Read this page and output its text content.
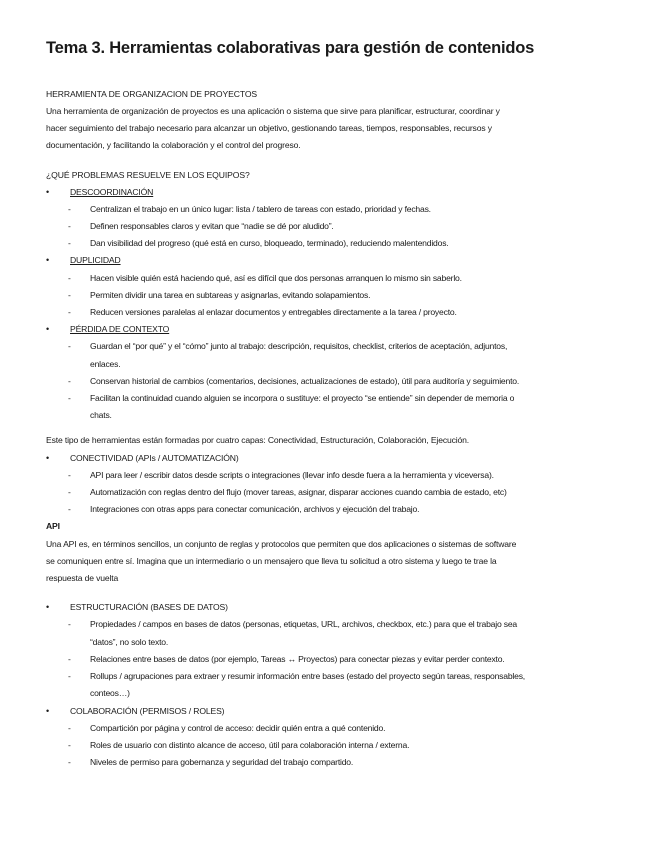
Tema 3. Herramientas colaborativas para gestión de contenidos
HERRAMIENTA DE ORGANIZACION DE PROYECTOS

Una herramienta de organización de proyectos es una aplicación o sistema que sirve para planificar, estructurar, coordinar y

hacer seguimiento del trabajo necesario para alcanzar un objetivo, gestionando tareas, tiempos, responsables, recursos y

documentación, y facilitando la colaboración y el control del progreso.

¿QUÉ PROBLEMAS RESUELVE EN LOS EQUIPOS?
• DESCOORDINACIÓN
- Centralizan el trabajo en un único lugar: lista / tablero de tareas con estado, prioridad y fechas.
- Definen responsables claros y evitan que “nadie se dé por aludido”.
- Dan visibilidad del progreso (qué está en curso, bloqueado, terminado), reduciendo malentendidos.
• DUPLICIDAD
- Hacen visible quién está haciendo qué, así es difícil que dos personas arranquen lo mismo sin saberlo.
- Permiten dividir una tarea en subtareas y asignarlas, evitando solapamientos.
- Reducen versiones paralelas al enlazar documentos y entregables directamente a la tarea / proyecto.
• PÉRDIDA DE CONTEXTO
- Guardan el “por qué” y el “cómo” junto al trabajo: descripción, requisitos, checklist, criterios de aceptación, adjuntos,
enlaces.
- Conservan historial de cambios (comentarios, decisiones, actualizaciones de estado), útil para auditoría y seguimiento.
- Facilitan la continuidad cuando alguien se incorpora o sustituye: el proyecto “se entiende” sin depender de memoria o
chats.

Este tipo de herramientas están formadas por cuatro capas: Conectividad, Estructuración, Colaboración, Ejecución.

• CONECTIVIDAD (APIs / AUTOMATIZACIÓN)
- API para leer / escribir datos desde scripts o integraciones (llevar info desde fuera a la herramienta y viceversa).
- Automatización con reglas dentro del flujo (mover tareas, asignar, disparar acciones cuando cambia de estado, etc)
- Integraciones con otras apps para conectar comunicación, archivos y ejecución del trabajo.
API

Una API es, en términos sencillos, un conjunto de reglas y protocolos que permiten que dos aplicaciones o sistemas de software

se comuniquen entre sí. Imagina que un intermediario o un mensajero que lleva tu solicitud a otro sistema y luego te trae la

respuesta de vuelta

• ESTRUCTURACIÓN (BASES DE DATOS)
- Propiedades / campos en bases de datos (personas, etiquetas, URL, archivos, checkbox, etc.) para que el trabajo sea
“datos”, no solo texto.
- Relaciones entre bases de datos (por ejemplo, Tareas ↔ Proyectos) para conectar piezas y evitar perder contexto.
- Rollups / agrupaciones para extraer y resumir información entre bases (estado del proyecto según tareas, responsables,
conteos…)
• COLABORACIÓN (PERMISOS / ROLES)
- Compartición por página y control de acceso: decidir quién entra a qué contenido.
- Roles de usuario con distinto alcance de acceso, útil para colaboración interna / externa.
- Niveles de permiso para gobernanza y seguridad del trabajo compartido.
